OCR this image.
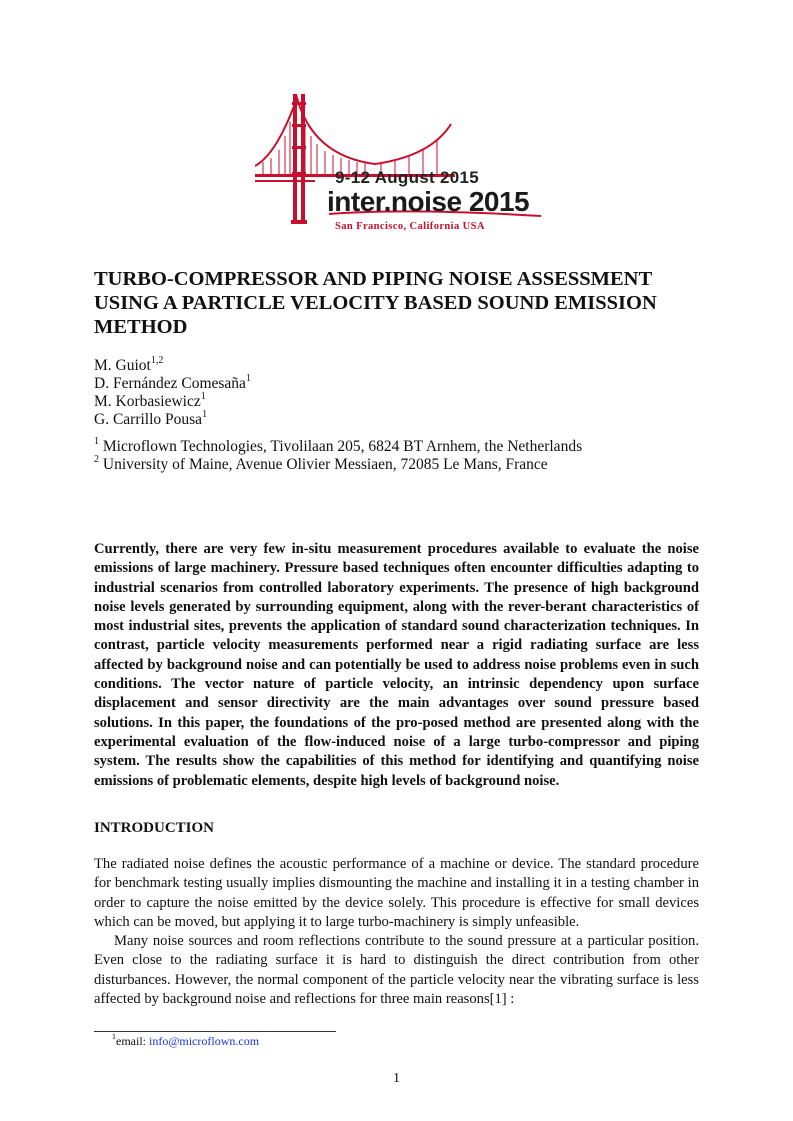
9-12 August 2015
inter.noise 2015
San Francisco, California USA
TURBO-COMPRESSOR AND PIPING NOISE ASSESSMENT USING A PARTICLE VELOCITY BASED SOUND EMISSION METHOD
M. Guiot$^{1,2}$
D. Fernández Comesaña$^1$
M. Korbasiewicz$^1$
G. Carrillo Pousa$^1$
$^1$ Microflown Technologies, Tivolilaan 205, 6824 BT Arnhem, the Netherlands
$^2$ University of Maine, Avenue Olivier Messiaen, 72085 Le Mans, France

Currently, there are very few in-situ measurement procedures available to evaluate the noise emissions of large machinery. Pressure based techniques often encounter difficulties adapting to industrial scenarios from controlled laboratory experiments. The presence of high background noise levels generated by surrounding equipment, along with the rever-berant characteristics of most industrial sites, prevents the application of standard sound characterization techniques. In contrast, particle velocity measurements performed near a rigid radiating surface are less affected by background noise and can potentially be used to address noise problems even in such conditions. The vector nature of particle velocity, an intrinsic dependency upon surface displacement and sensor directivity are the main advantages over sound pressure based solutions. In this paper, the foundations of the pro-posed method are presented along with the experimental evaluation of the flow-induced noise of a large turbo-compressor and piping system. The results show the capabilities of this method for identifying and quantifying noise emissions of problematic elements, despite high levels of background noise.

INTRODUCTION

The radiated noise defines the acoustic performance of a machine or device. The standard procedure for benchmark testing usually implies dismounting the machine and installing it in a testing chamber in order to capture the noise emitted by the device solely. This procedure is effective for small devices which can be moved, but applying it to large turbo-machinery is simply unfeasible.

Many noise sources and room reflections contribute to the sound pressure at a particular position. Even close to the radiating surface it is hard to distinguish the direct contribution from other disturbances. However, the normal component of the particle velocity near the vibrating surface is less affected by background noise and reflections for three main reasons[1] :

$^1$email: info@microflown.com
1
